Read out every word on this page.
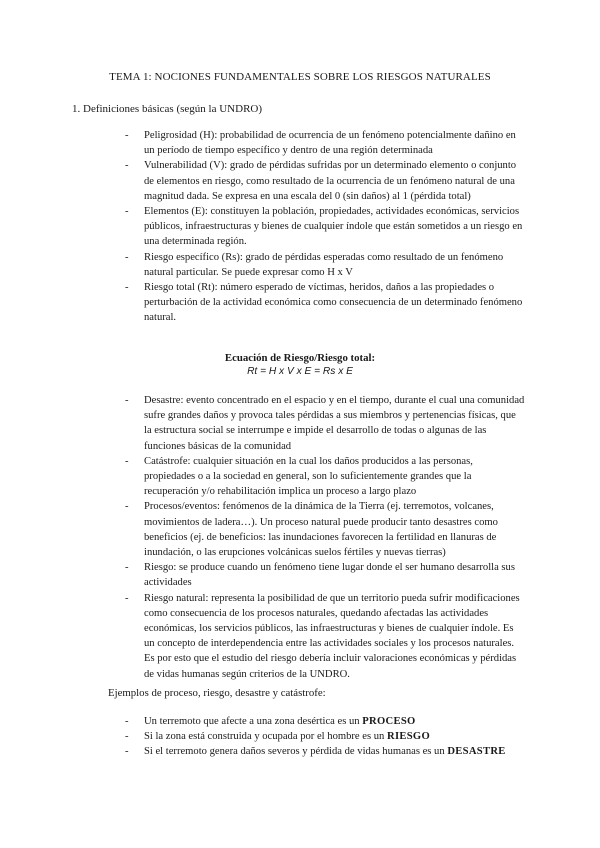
TEMA 1: NOCIONES FUNDAMENTALES SOBRE LOS RIESGOS NATURALES
1. Definiciones básicas (según la UNDRO)
- Peligrosidad (H): probabilidad de ocurrencia de un fenómeno potencialmente dañino en un período de tiempo específico y dentro de una región determinada
- Vulnerabilidad (V): grado de pérdidas sufridas por un determinado elemento o conjunto de elementos en riesgo, como resultado de la ocurrencia de un fenómeno natural de una magnitud dada. Se expresa en una escala del 0 (sin daños) al 1 (pérdida total)
- Elementos (E): constituyen la población, propiedades, actividades económicas, servicios públicos, infraestructuras y bienes de cualquier índole que están sometidos a un riesgo en una determinada región.
- Riesgo específico (Rs): grado de pérdidas esperadas como resultado de un fenómeno natural particular. Se puede expresar como H x V
- Riesgo total (Rt): número esperado de víctimas, heridos, daños a las propiedades o perturbación de la actividad económica como consecuencia de un determinado fenómeno natural.
Ecuación de Riesgo/Riesgo total:
Rt = H x V x E = Rs x E
- Desastre: evento concentrado en el espacio y en el tiempo, durante el cual una comunidad sufre grandes daños y provoca tales pérdidas a sus miembros y pertenencias físicas, que la estructura social se interrumpe e impide el desarrollo de todas o algunas de las funciones básicas de la comunidad
- Catástrofe: cualquier situación en la cual los daños producidos a las personas, propiedades o a la sociedad en general, son lo suficientemente grandes que la recuperación y/o rehabilitación implica un proceso a largo plazo
- Procesos/eventos: fenómenos de la dinámica de la Tierra (ej. terremotos, volcanes, movimientos de ladera…). Un proceso natural puede producir tanto desastres como beneficios (ej. de beneficios: las inundaciones favorecen la fertilidad en llanuras de inundación, o las erupciones volcánicas suelos fértiles y nuevas tierras)
- Riesgo: se produce cuando un fenómeno tiene lugar donde el ser humano desarrolla sus actividades
- Riesgo natural: representa la posibilidad de que un territorio pueda sufrir modificaciones como consecuencia de los procesos naturales, quedando afectadas las actividades económicas, los servicios públicos, las infraestructuras y bienes de cualquier índole. Es un concepto de interdependencia entre las actividades sociales y los procesos naturales. Es por esto que el estudio del riesgo debería incluir valoraciones económicas y pérdidas de vidas humanas según criterios de la UNDRO.
Ejemplos de proceso, riesgo, desastre y catástrofe:
- Un terremoto que afecte a una zona desértica es un PROCESO
- Si la zona está construida y ocupada por el hombre es un RIESGO
- Si el terremoto genera daños severos y pérdida de vidas humanas es un DESASTRE
